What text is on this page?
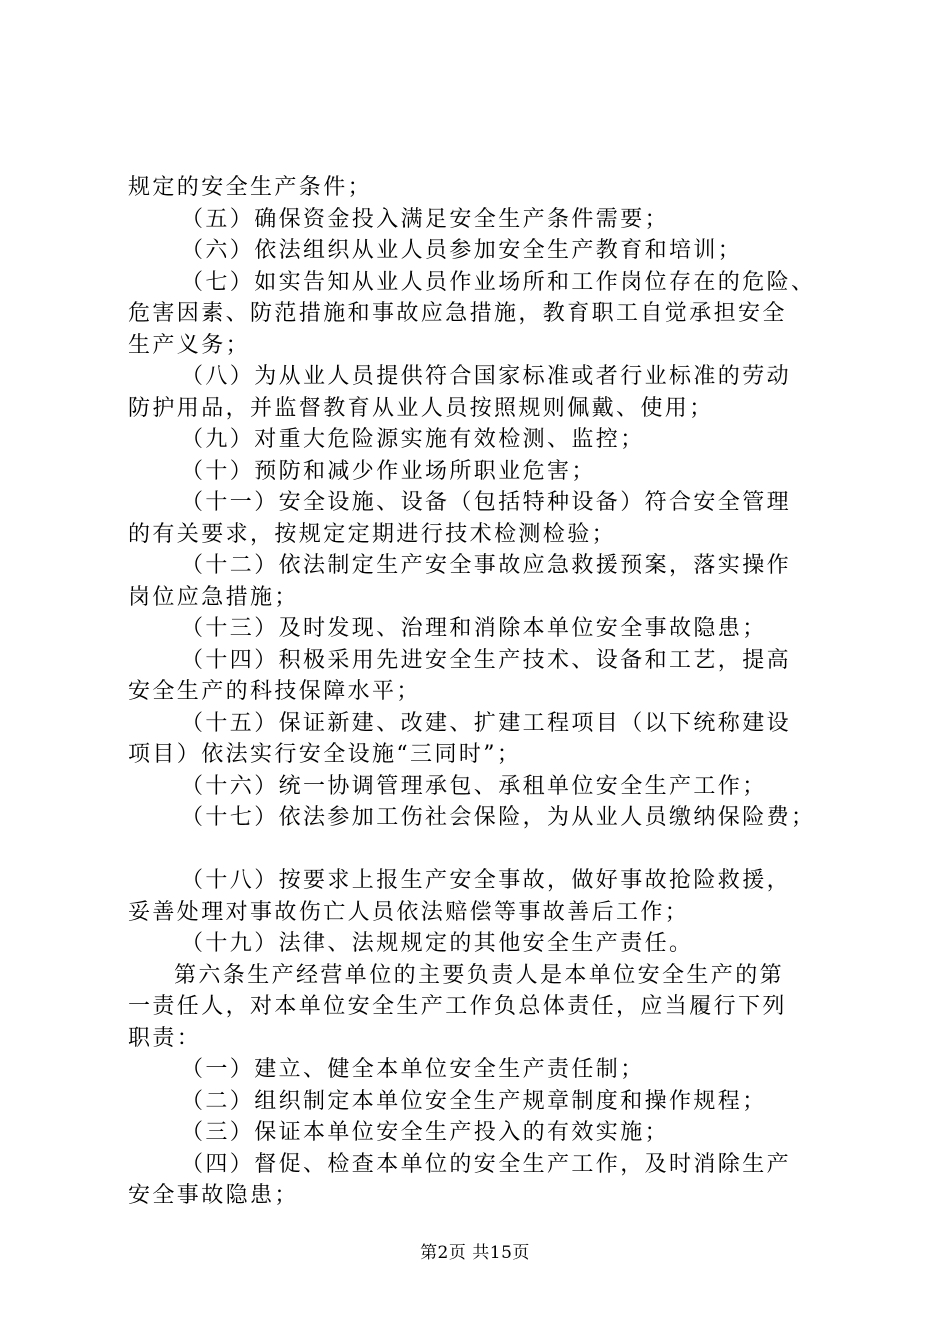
规定的安全生产条件；
（五）确保资金投入满足安全生产条件需要；
（六）依法组织从业人员参加安全生产教育和培训；
（七）如实告知从业人员作业场所和工作岗位存在的危险、
危害因素、防范措施和事故应急措施，教育职工自觉承担安全
生产义务；
（八）为从业人员提供符合国家标准或者行业标准的劳动
防护用品，并监督教育从业人员按照规则佩戴、使用；
（九）对重大危险源实施有效检测、监控；
（十）预防和减少作业场所职业危害；
（十一）安全设施、设备（包括特种设备）符合安全管理
的有关要求，按规定定期进行技术检测检验；
（十二）依法制定生产安全事故应急救援预案，落实操作
岗位应急措施；
（十三）及时发现、治理和消除本单位安全事故隐患；
（十四）积极采用先进安全生产技术、设备和工艺，提高
安全生产的科技保障水平；
（十五）保证新建、改建、扩建工程项目（以下统称建设
项目）依法实行安全设施“三同时”；
（十六）统一协调管理承包、承租单位安全生产工作；
（十七）依法参加工伤社会保险，为从业人员缴纳保险费；
（十八）按要求上报生产安全事故，做好事故抢险救援，
妥善处理对事故伤亡人员依法赔偿等事故善后工作；
（十九）法律、法规规定的其他安全生产责任。
第六条生产经营单位的主要负责人是本单位安全生产的第
一责任人，对本单位安全生产工作负总体责任，应当履行下列
职责：
（一）建立、健全本单位安全生产责任制；
（二）组织制定本单位安全生产规章制度和操作规程；
（三）保证本单位安全生产投入的有效实施；
（四）督促、检查本单位的安全生产工作，及时消除生产
安全事故隐患；
第2页 共15页
